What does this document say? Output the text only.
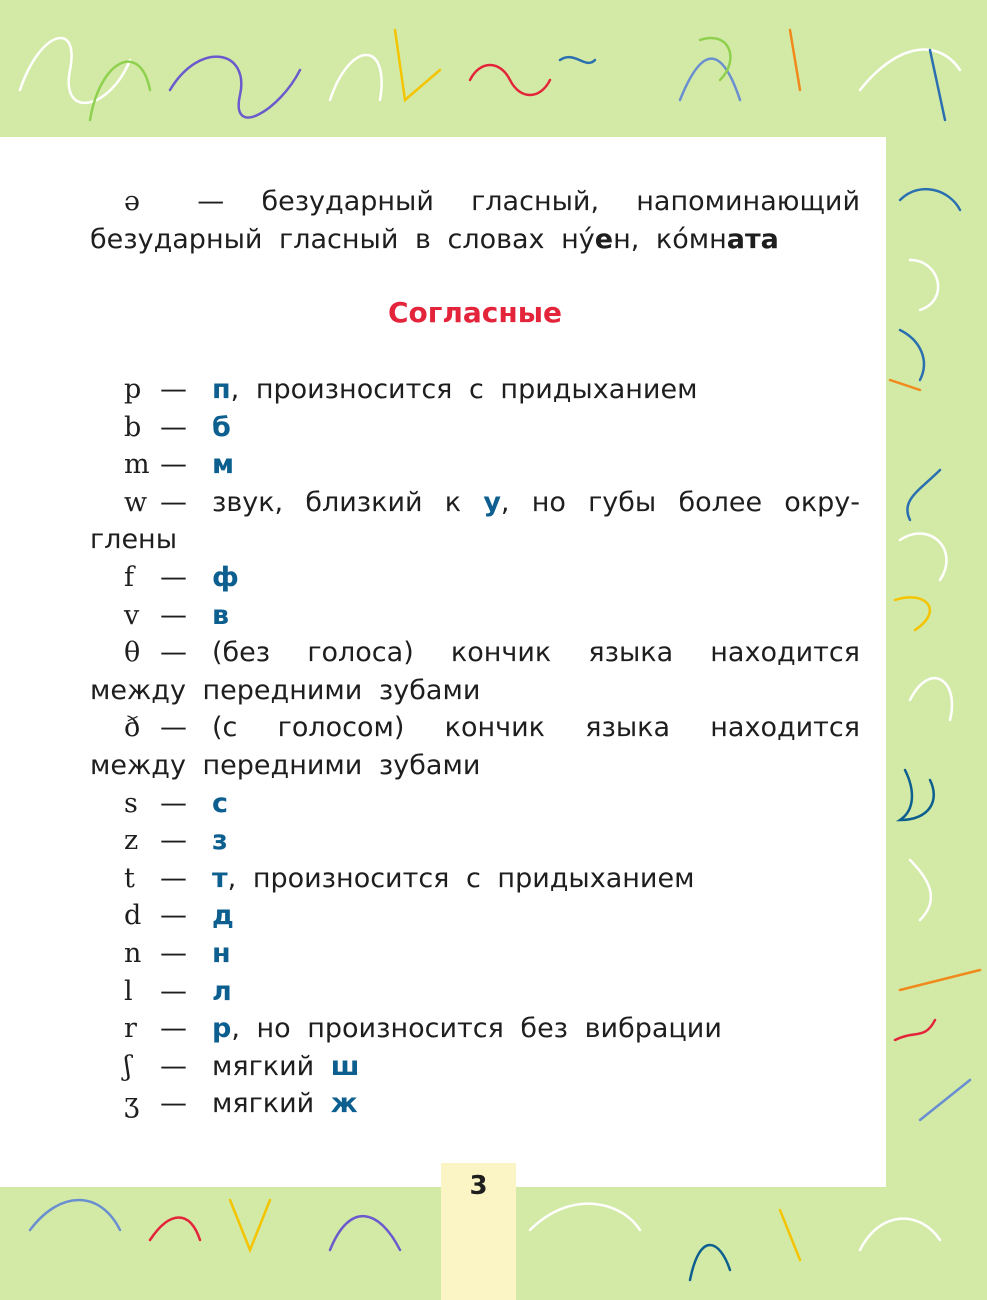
ə — безударный гласный, напоминающий
безударный гласный в словах ну́ен, ко́мната
Согласные
p — п, произносится с придыханием
b — б
m — м
w — звук, близкий к у, но губы более окру-
глены
f — ф
v — в
θ — (без голоса) кончик языка находится
между передними зубами
ð — (с голосом) кончик языка находится
между передними зубами
s — с
z — з
t — т, произносится с придыханием
d — д
n — н
l — л
r — р, но произносится без вибрации
ʃ — мягкий ш
ʒ — мягкий ж
3
